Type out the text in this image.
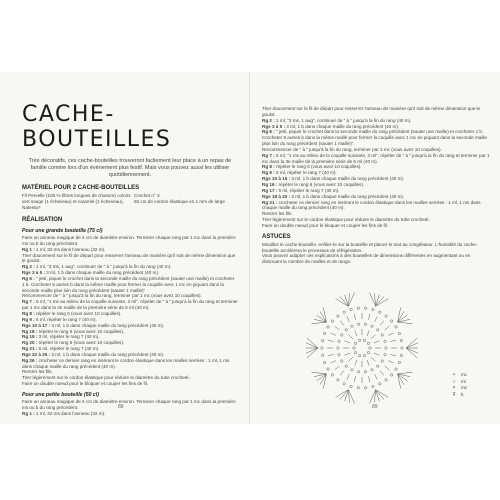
CACHE-BOUTEILLES

Très décoratifs, ces cache-bouteilles trouveront facilement leur place à un repas de famille comme lors d'un événement plus festif. Mais vous pouvez aussi les utiliser quotidiennement.

MATÉRIEL POUR 2 CACHE-BOUTEILLES
Fil Pervelle (100 % fibres longues de chanvre) coloris vert sauge (1 écheveau) et caramel (1 écheveau), Natessa*
Crochet n° 3
50 cm de cordon élastique en 1 mm de large
RÉALISATION
Pour une grande bouteille (75 cl)

Faire un anneau magique de 4 cm de diamètre environ. Terminer chaque rang par 1 mc dans la première ms ou b du rang précédent.

Rg 1 : 1 ml, 32 ms dans l'anneau (32 m).

Tirer doucement sur le fil de départ pour resserrer l'anneau de manière qu'il soit de même dimension que le goulot.

Rg 2 : 1 ml, "3 ms, 1 aug", continuer de " à " jusqu'à la fin du rang (40 m).

Rgs 3 à 5 : 3 ml, 1 b dans chaque maille du rang précédent (40 m).

Rg 6 : " jeté, piquer le crochet dans la seconde maille du rang précédent (sauter une maille) et crocheter 1 b. Crocheter 5 autres b dans la même maille pour fermer la coquille avec 1 mc en piquant dans la seconde maille plus loin du rang précédent (sauter 1 maille)".

Recommencer de " à " jusqu'à la fin du rang, terminer par 1 mc (vous avez 10 coquilles).

Rg 7 : 6 ml, "1 ms au milieu de la coquille suivante, 3 ml", répéter de " à " jusqu'à la fin du rang et terminer par 1 mc dans la 3e maille de la première série de 6 ml (40 m).

Rg 8 : répéter le rang 6 (vous avez 10 coquilles).

Rg 9 : 6 ml, répéter le rang 7 (40 m).

Rgs 10 à 17 : 3 ml, 1 b dans chaque maille du rang précédent (40 m).

Rg 18 : répéter le rang 6 (vous avez 10 coquilles).

Rg 19 : 3 ml, répéter le rang 7 (40 m).

Rg 20 : répéter le rang 6 (vous avez 10 coquilles).

Rg 21 : 6 ml, répéter le rang 7 (40 m).

Rgs 22 à 25 : 3 ml, 1 b dans chaque maille du rang précédent (40 m).

Rg 26 : crocheter ce dernier rang en insérant le cordon élastique dans les mailles serrées : 1 ml, 1 ms dans chaque maille du rang précédent (40 m).

Rentrer les fils.

Tirer légèrement sur le cordon élastique pour réduire le diamètre du tube crocheté.

Faire un double noeud pour le bloquer et couper les fins de fil.

Pour une petite bouteille (50 cl)

Faire un anneau magique de 4 cm de diamètre environ. Terminer chaque rang par 1 mc dans la première ms ou b du rang précédent.

Rg 1 : 1 ml, 32 ms dans l'anneau (32 m).

88

Tirer doucement sur le fil de départ pour resserrer l'anneau de manière qu'il soit de même dimension que le goulot.

Rg 2 : 1 ml, "3 ms, 1 aug", continuer de " à " jusqu'à la fin du rang (40 m).

Rgs 3 à 5 : 3 ml, 1 b dans chaque maille du rang précédent (40 m).

Rg 6 : " jeté, piquer le crochet dans la seconde maille du rang précédent (sauter une maille) et crocheter 1 b. Crocheter 5 autres b dans la même maille pour fermer la coquille avec 1 mc en piquant dans la seconde maille plus loin du rang précédent (sauter 1 maille)".

Recommencer de " à " jusqu'à la fin du rang, terminer par 1 mc (vous avez 10 coquilles).

Rg 7 : 6 ml, "1 ms au milieu de la coquille suivante, 3 ml", répéter de " à " jusqu'à la fin du rang et terminer par 1 mc dans la 3e maille de la première série de 6 ml (40 m).

Rg 8 : répéter le rang 6 (vous avez 10 coquilles).

Rg 9 : 6 ml, répéter le rang 7 (40 m).

Rgs 10 à 15 : 3 ml, 1 b dans chaque maille du rang précédent (40 m).

Rg 16 : répéter le rang 6 (vous avez 10 coquilles).

Rg 17 : 6 ml, répéter le rang 7 (40 m).

Rgs 18 à 20 : 3 ml, 1 b dans chaque maille du rang précédent (40 m).

Rg 21 : crocheter ce dernier rang en insérant le cordon élastique dans les mailles serrées : 1 ml, 1 ms dans chaque maille du rang précédent (40 m).

Rentrer les fils.

Tirer légèrement sur le cordon élastique pour réduire le diamètre du tube crocheté.

Faire un double noeud pour le bloquer et couper les fins de fil.

ASTUCES

Mouillez le cache-bouteille, enfilez-le sur la bouteille et placez le tout au congélateur. L'humidité du cache-bouteille accélérera le processus de réfrigération.

Vous pouvez adapter ces explications à des bouteilles de dimensions différentes en augmentant ou en diminuant le nombre de mailles et de rangs.

•	mc
○	ml
×	ms
Ŧ	b
89
